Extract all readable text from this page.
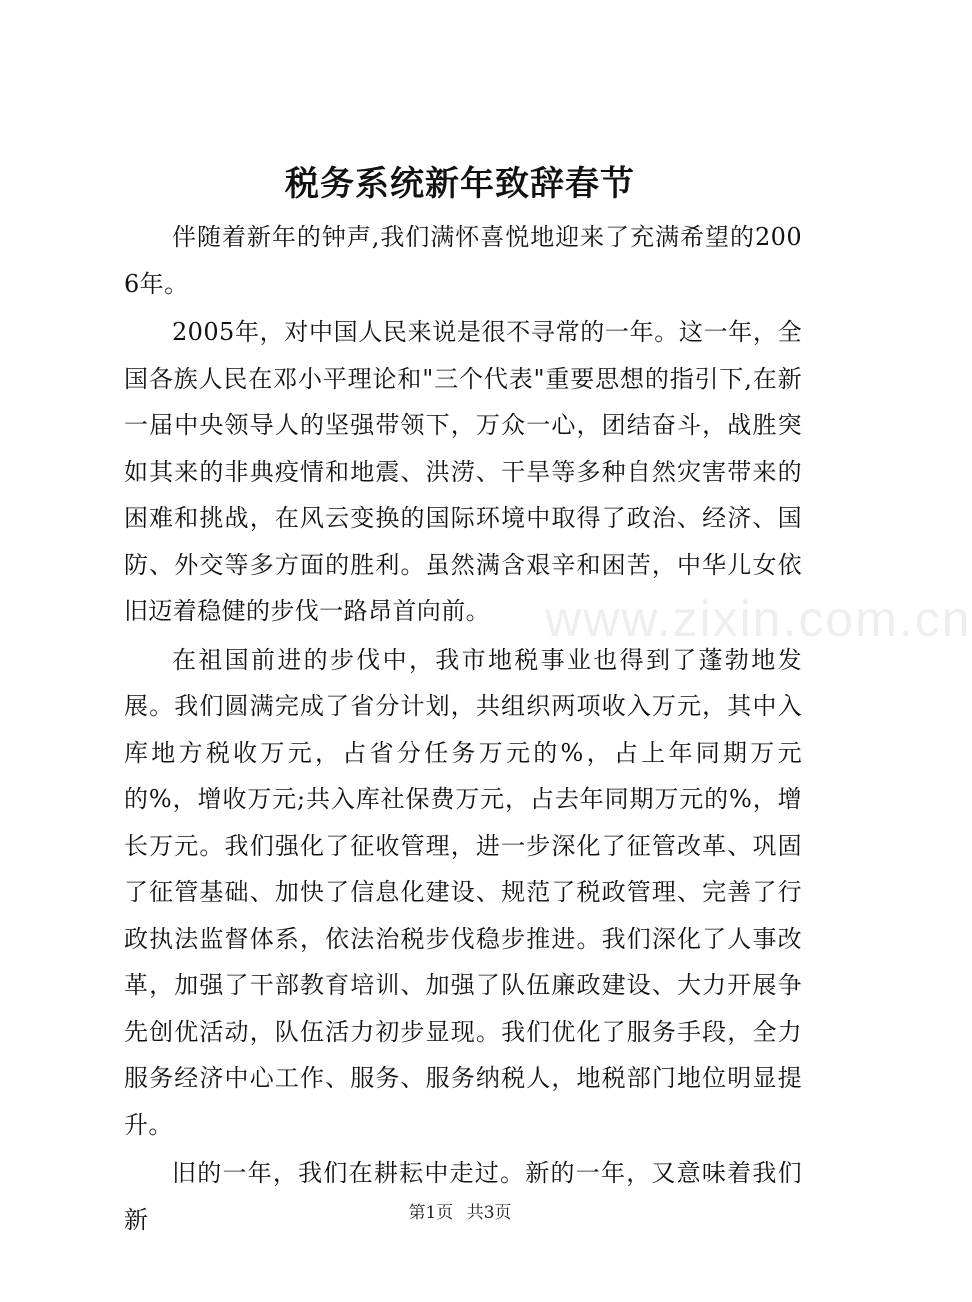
税务系统新年致辞春节

伴随着新年的钟声,我们满怀喜悦地迎来了充满希望的2006年。

2005年，对中国人民来说是很不寻常的一年。这一年，全国各族人民在邓小平理论和"三个代表"重要思想的指引下,在新一届中央领导人的坚强带领下，万众一心，团结奋斗，战胜突如其来的非典疫情和地震、洪涝、干旱等多种自然灾害带来的困难和挑战，在风云变换的国际环境中取得了政治、经济、国防、外交等多方面的胜利。虽然满含艰辛和困苦，中华儿女依旧迈着稳健的步伐一路昂首向前。

在祖国前进的步伐中，我市地税事业也得到了蓬勃地发展。我们圆满完成了省分计划，共组织两项收入万元，其中入库地方税收万元，占省分任务万元的%，占上年同期万元的%，增收万元;共入库社保费万元，占去年同期万元的%，增长万元。我们强化了征收管理，进一步深化了征管改革、巩固了征管基础、加快了信息化建设、规范了税政管理、完善了行政执法监督体系，依法治税步伐稳步推进。我们深化了人事改革，加强了干部教育培训、加强了队伍廉政建设、大力开展争先创优活动，队伍活力初步显现。我们优化了服务手段，全力服务经济中心工作、服务、服务纳税人，地税部门地位明显提升。

旧的一年，我们在耕耘中走过。新的一年，又意味着我们新

www.zixin.com.cn
第1页 共3页
